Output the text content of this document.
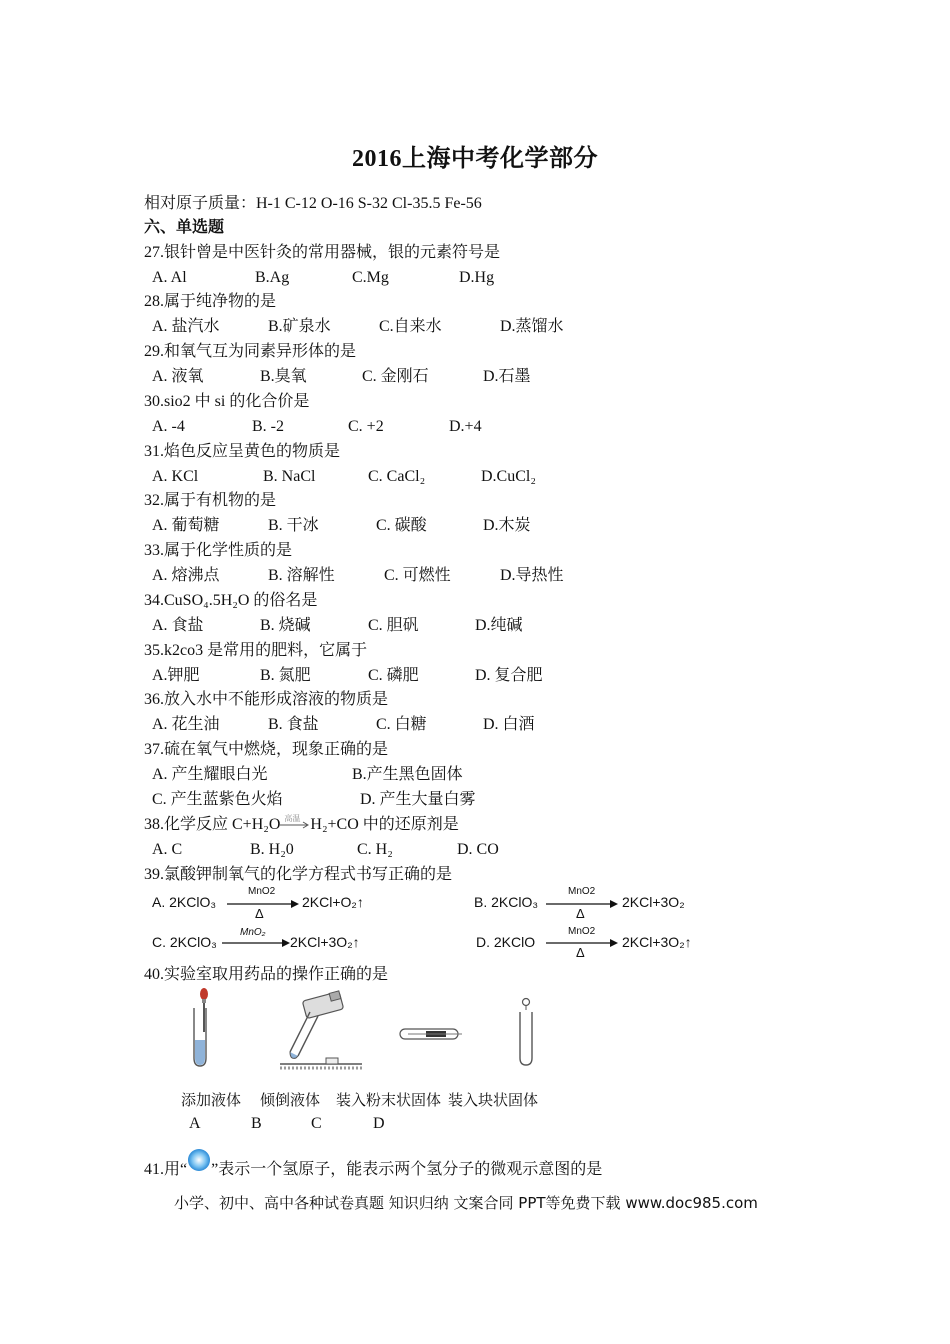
2016上海中考化学部分
相对原子质量：H-1 C-12 O-16 S-32 Cl-35.5 Fe-56
六、单选题
27.银针曾是中医针灸的常用器械，银的元素符号是
A. Al	B.Ag	C.Mg	D.Hg
28.属于纯净物的是
A. 盐汽水	B.矿泉水	C.自来水	D.蒸馏水
29.和氧气互为同素异形体的是
A. 液氧	B.臭氧	C. 金刚石	D.石墨
30.sio2 中 si 的化合价是
A. -4	B. -2	C. +2	D.+4
31.焰色反应呈黄色的物质是
A. KCl	B. NaCl	C. CaCl₂	D.CuCl₂
32.属于有机物的是
A. 葡萄糖	B. 干冰	C. 碳酸	D.木炭
33.属于化学性质的是
A. 熔沸点	B. 溶解性	C. 可燃性	D.导热性
34.CuSO₄.5H₂O 的俗名是
A. 食盐	B. 烧碱	C. 胆矾	D.纯碱
35.k2co3 是常用的肥料，它属于
A.钾肥	B. 氮肥	C. 磷肥	D. 复合肥
36.放入水中不能形成溶液的物质是
A. 花生油	B. 食盐	C. 白糖	D. 白酒
37.硫在氧气中燃烧，现象正确的是
A. 产生耀眼白光	B.产生黑色固体
C. 产生蓝紫色火焰	D. 产生大量白雾
38.化学反应 C+H₂O 高温 H₂+CO 中的还原剂是
A. C	B. H₂0	C. H₂	D. CO
39.氯酸钾制氧气的化学方程式书写正确的是
A. 2KClO₃
MnO2
Δ
2KCl+O₂↑	B. 2KClO₃
MnO2
Δ
2KCl+3O₂
C. 2KClO₃
MnO₂
2KCl+3O₂↑	D. 2KClO
MnO2
Δ
2KCl+3O₂↑
40.实验室取用药品的操作正确的是
添加液体 倾倒液体 装入粉末状固体 装入块状固体
A	B	C	D
41.用“ ”表示一个氢原子，能表示两个氢分子的微观示意图的是
小学、初中、高中各种试卷真题 知识归纳 文案合同 PPT等免费下载 www.doc985.com
